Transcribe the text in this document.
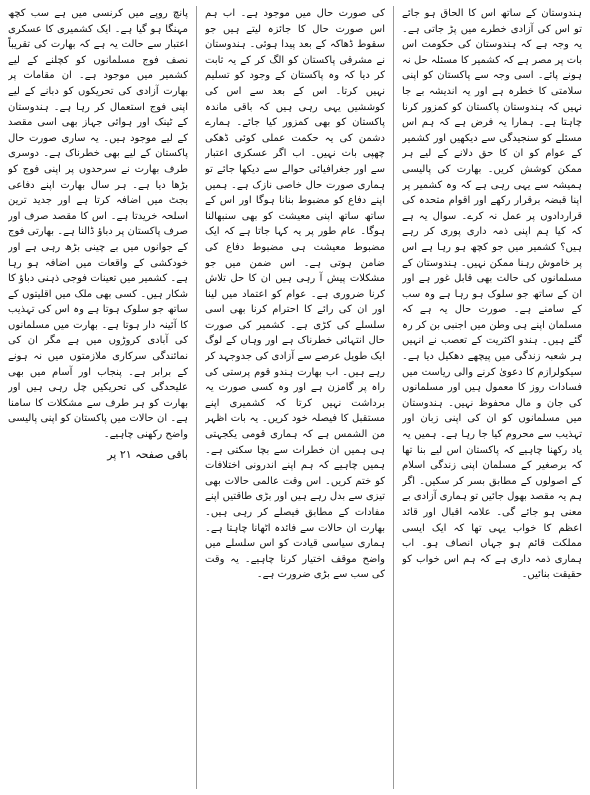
ہندوستان کے ساتھ اس کا الحاق ہو جائے تو اس کی آزادی خطرے میں پڑ جاتی ہے۔ یہ وجہ ہے کہ ہندوستان کی حکومت اس بات پر مصر ہے کہ کشمیر کا مسئلہ حل نہ ہونے پائے۔ اسی وجہ سے پاکستان کو اپنی سلامتی کا خطرہ ہے اور یہ اندیشہ بے جا نہیں کہ ہندوستان پاکستان کو کمزور کرنا چاہتا ہے۔ ہمارا یہ فرض ہے کہ ہم اس مسئلے کو سنجیدگی سے دیکھیں اور کشمیر کے عوام کو ان کا حق دلانے کے لیے ہر ممکن کوشش کریں۔ بھارت کی پالیسی ہمیشہ سے یہی رہی ہے کہ وہ کشمیر پر اپنا قبضہ برقرار رکھے اور اقوام متحدہ کی قراردادوں پر عمل نہ کرے۔ سوال یہ ہے کہ کیا ہم اپنی ذمہ داری پوری کر رہے ہیں؟ کشمیر میں جو کچھ ہو رہا ہے اس پر خاموش رہنا ممکن نہیں۔ ہندوستان کے مسلمانوں کی حالت بھی قابل غور ہے اور ان کے ساتھ جو سلوک ہو رہا ہے وہ سب کے سامنے ہے۔ صورت حال یہ ہے کہ مسلمان اپنے ہی وطن میں اجنبی بن کر رہ گئے ہیں۔ ہندو اکثریت کے تعصب نے انہیں ہر شعبہ زندگی میں پیچھے دھکیل دیا ہے۔ سیکولرازم کا دعویٰ کرنے والی ریاست میں فسادات روز کا معمول ہیں اور مسلمانوں کی جان و مال محفوظ نہیں۔ ہندوستان میں مسلمانوں کو ان کی اپنی زبان اور تہذیب سے محروم کیا جا رہا ہے۔ ہمیں یہ یاد رکھنا چاہیے کہ پاکستان اس لیے بنا تھا کہ برصغیر کے مسلمان اپنی زندگی اسلام کے اصولوں کے مطابق بسر کر سکیں۔ اگر ہم یہ مقصد بھول جائیں تو ہماری آزادی بے معنی ہو جائے گی۔ علامہ اقبال اور قائد اعظم کا خواب یہی تھا کہ ایک ایسی مملکت قائم ہو جہاں انصاف ہو۔ اب ہماری ذمہ داری ہے کہ ہم اس خواب کو حقیقت بنائیں۔

کی صورت حال میں موجود ہے۔ اب ہم اس صورت حال کا جائزہ لیتے ہیں جو سقوط ڈھاکہ کے بعد پیدا ہوئی۔ ہندوستان نے مشرقی پاکستان کو الگ کر کے یہ ثابت کر دیا کہ وہ پاکستان کے وجود کو تسلیم نہیں کرتا۔ اس کے بعد سے اس کی کوششیں یہی رہی ہیں کہ باقی ماندہ پاکستان کو بھی کمزور کیا جائے۔ ہمارے دشمن کی یہ حکمت عملی کوئی ڈھکی چھپی بات نہیں۔ اب اگر عسکری اعتبار سے اور جغرافیائی حوالے سے دیکھا جائے تو ہماری صورت حال خاصی نازک ہے۔ ہمیں اپنے دفاع کو مضبوط بنانا ہوگا اور اس کے ساتھ ساتھ اپنی معیشت کو بھی سنبھالنا ہوگا۔ عام طور پر یہ کہا جاتا ہے کہ ایک مضبوط معیشت ہی مضبوط دفاع کی ضامن ہوتی ہے۔ اس ضمن میں جو مشکلات پیش آ رہی ہیں ان کا حل تلاش کرنا ضروری ہے۔ عوام کو اعتماد میں لینا اور ان کی رائے کا احترام کرنا بھی اسی سلسلے کی کڑی ہے۔ کشمیر کی صورت حال انتہائی خطرناک ہے اور وہاں کے لوگ ایک طویل عرصے سے آزادی کی جدوجہد کر رہے ہیں۔ اب بھارت ہندو قوم پرستی کی راہ پر گامزن ہے اور وہ کسی صورت یہ برداشت نہیں کرتا کہ کشمیری اپنے مستقبل کا فیصلہ خود کریں۔ یہ بات اظہر من الشمس ہے کہ ہماری قومی یکجہتی ہی ہمیں ان خطرات سے بچا سکتی ہے۔ ہمیں چاہیے کہ ہم اپنے اندرونی اختلافات کو ختم کریں۔ اس وقت عالمی حالات بھی تیزی سے بدل رہے ہیں اور بڑی طاقتیں اپنے مفادات کے مطابق فیصلے کر رہی ہیں۔ بھارت ان حالات سے فائدہ اٹھانا چاہتا ہے۔ ہماری سیاسی قیادت کو اس سلسلے میں واضح موقف اختیار کرنا چاہیے۔ یہ وقت کی سب سے بڑی ضرورت ہے۔

پانچ روپے میں کرنسی میں ہے سب کچھ مہنگا ہو گیا ہے۔ ایک کشمیری کا عسکری اعتبار سے حالت یہ ہے کہ بھارت کی تقریباً نصف فوج مسلمانوں کو کچلنے کے لیے کشمیر میں موجود ہے۔ ان مقامات پر بھارت آزادی کی تحریکوں کو دبانے کے لیے اپنی فوج استعمال کر رہا ہے۔ ہندوستان کے ٹینک اور ہوائی جہاز بھی اسی مقصد کے لیے موجود ہیں۔ یہ ساری صورت حال پاکستان کے لیے بھی خطرناک ہے۔ دوسری طرف بھارت نے سرحدوں پر اپنی فوج کو بڑھا دیا ہے۔ ہر سال بھارت اپنے دفاعی بجٹ میں اضافہ کرتا ہے اور جدید ترین اسلحہ خریدتا ہے۔ اس کا مقصد صرف اور صرف پاکستان پر دباؤ ڈالنا ہے۔ بھارتی فوج کے جوانوں میں بے چینی بڑھ رہی ہے اور خودکشی کے واقعات میں اضافہ ہو رہا ہے۔ کشمیر میں تعینات فوجی ذہنی دباؤ کا شکار ہیں۔ کسی بھی ملک میں اقلیتوں کے ساتھ جو سلوک ہوتا ہے وہ اس کی تہذیب کا آئینہ دار ہوتا ہے۔ بھارت میں مسلمانوں کی آبادی کروڑوں میں ہے مگر ان کی نمائندگی سرکاری ملازمتوں میں نہ ہونے کے برابر ہے۔ پنجاب اور آسام میں بھی علیحدگی کی تحریکیں چل رہی ہیں اور بھارت کو ہر طرف سے مشکلات کا سامنا ہے۔ ان حالات میں پاکستان کو اپنی پالیسی واضح رکھنی چاہیے۔

باقی صفحہ ۲۱ پر
